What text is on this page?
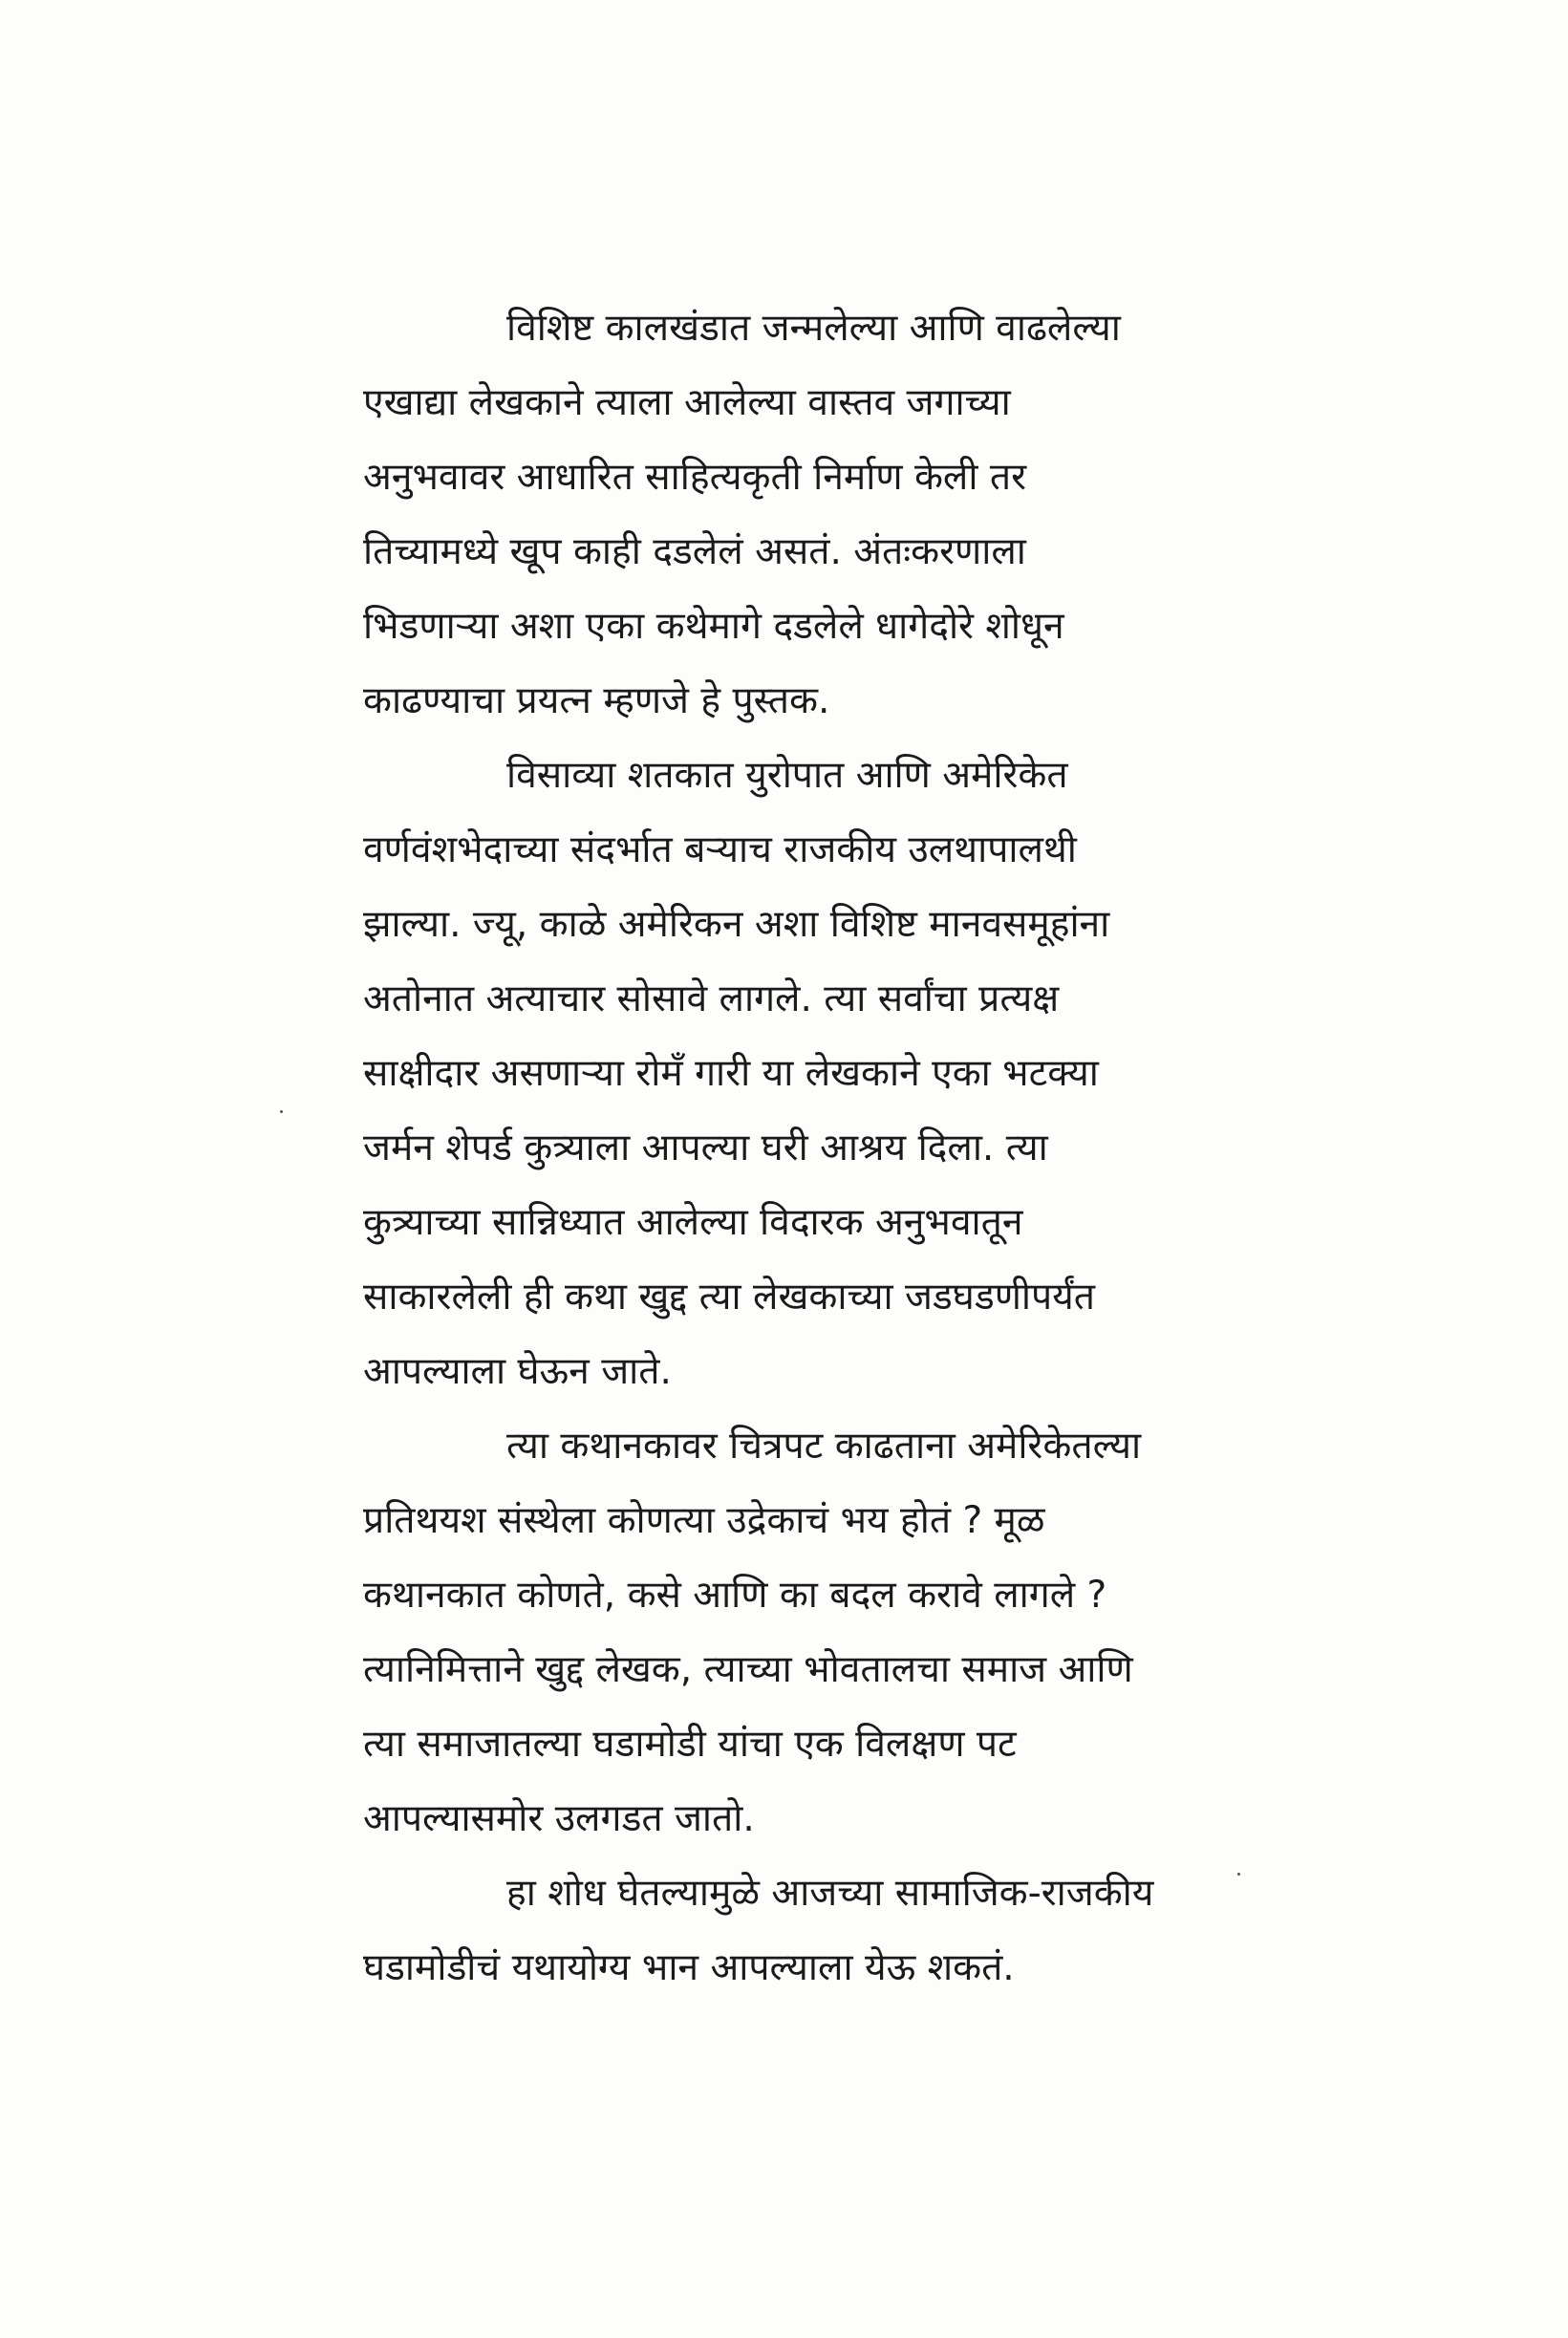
विशिष्ट कालखंडात जन्मलेल्या आणि वाढलेल्या
एखाद्या लेखकाने त्याला आलेल्या वास्तव जगाच्या
अनुभवावर आधारित साहित्यकृती निर्माण केली तर
तिच्यामध्ये खूप काही दडलेलं असतं. अंतःकरणाला
भिडणाऱ्या अशा एका कथेमागे दडलेले धागेदोरे शोधून
काढण्याचा प्रयत्न म्हणजे हे पुस्तक.
विसाव्या शतकात युरोपात आणि अमेरिकेत
वर्णवंशभेदाच्या संदर्भात बऱ्याच राजकीय उलथापालथी
झाल्या. ज्यू, काळे अमेरिकन अशा विशिष्ट मानवसमूहांना
अतोनात अत्याचार सोसावे लागले. त्या सर्वांचा प्रत्यक्ष
साक्षीदार असणाऱ्या रोमँ गारी या लेखकाने एका भटक्या
जर्मन शेपर्ड कुत्र्याला आपल्या घरी आश्रय दिला. त्या
कुत्र्याच्या सान्निध्यात आलेल्या विदारक अनुभवातून
साकारलेली ही कथा खुद्द त्या लेखकाच्या जडघडणीपर्यंत
आपल्याला घेऊन जाते.
त्या कथानकावर चित्रपट काढताना अमेरिकेतल्या
प्रतिथयश संस्थेला कोणत्या उद्रेकाचं भय होतं ? मूळ
कथानकात कोणते, कसे आणि का बदल करावे लागले ?
त्यानिमित्ताने खुद्द लेखक, त्याच्या भोवतालचा समाज आणि
त्या समाजातल्या घडामोडी यांचा एक विलक्षण पट
आपल्यासमोर उलगडत जातो.
हा शोध घेतल्यामुळे आजच्या सामाजिक-राजकीय
घडामोडीचं यथायोग्य भान आपल्याला येऊ शकतं.
